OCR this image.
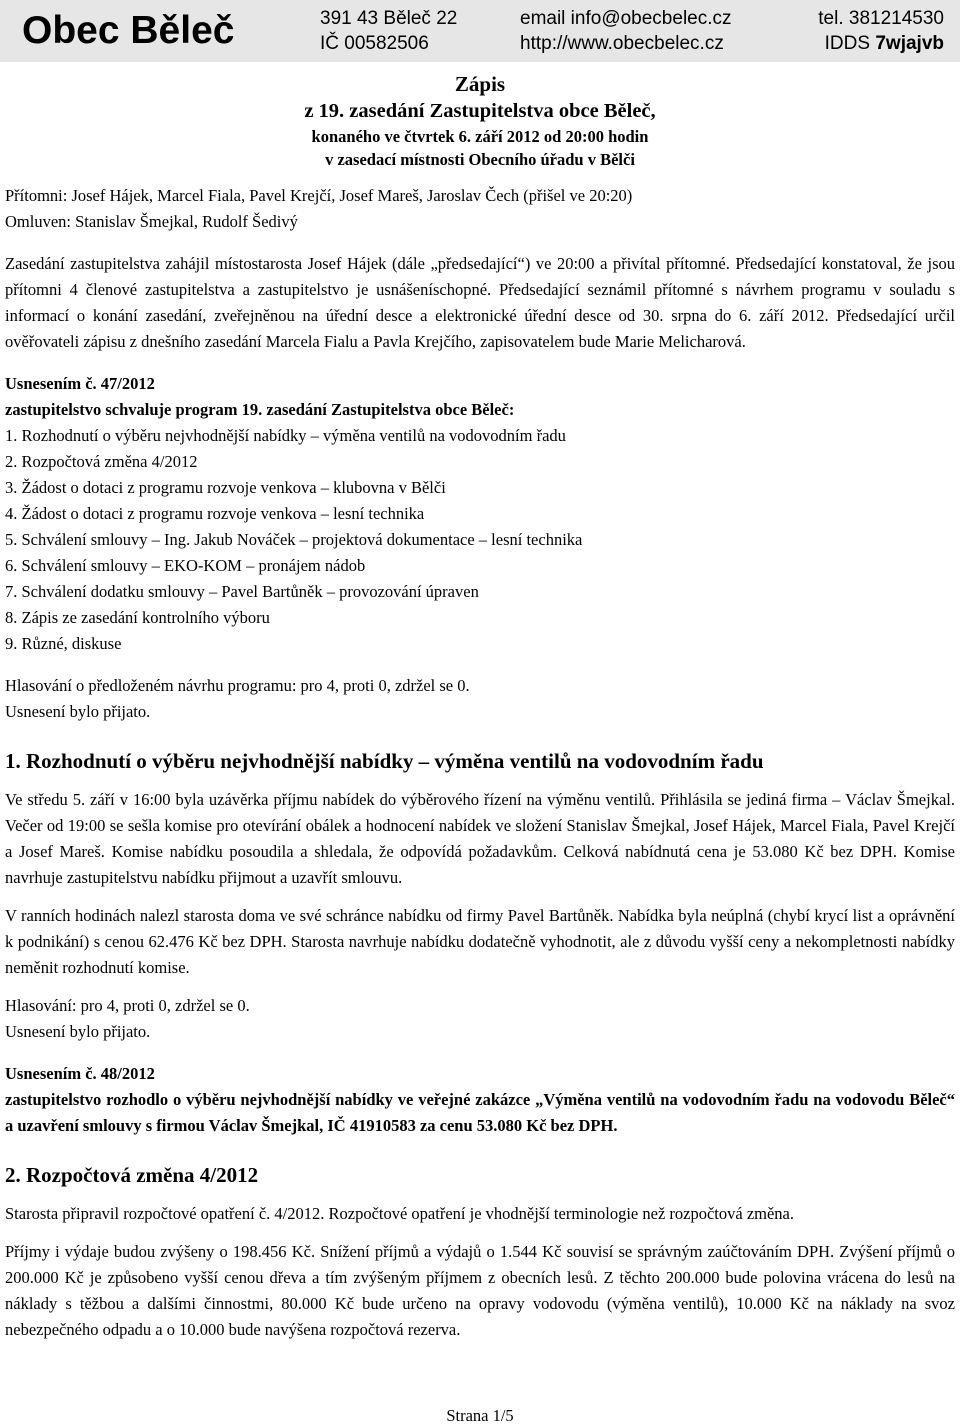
Obec Běleč	391 43 Běleč 22
IČ 00582506
email info@obecbelec.cz
http://www.obecbelec.cz
tel. 381214530
IDDS 7wjajvb
Zápis
z 19. zasedání Zastupitelstva obce Běleč,
konaného ve čtvrtek 6. září 2012 od 20:00 hodin
v zasedací místnosti Obecního úřadu v Bělči

Přítomni: Josef Hájek, Marcel Fiala, Pavel Krejčí, Josef Mareš, Jaroslav Čech (přišel ve 20:20)

Omluven: Stanislav Šmejkal, Rudolf Šedivý

Zasedání zastupitelstva zahájil místostarosta Josef Hájek (dále „předsedající“) ve 20:00 a přivítal přítomné. Předsedající konstatoval, že jsou přítomni 4 členové zastupitelstva a zastupitelstvo je usnášeníschopné. Předsedající seznámil přítomné s návrhem programu v souladu s informací o konání zasedání, zveřejněnou na úřední desce a elektronické úřední desce od 30. srpna do 6. září 2012. Předsedající určil ověřovateli zápisu z dnešního zasedání Marcela Fialu a Pavla Krejčího, zapisovatelem bude Marie Melicharová.

Usnesením č. 47/2012

zastupitelstvo schvaluje program 19. zasedání Zastupitelstva obce Běleč:

1. Rozhodnutí o výběru nejvhodnější nabídky – výměna ventilů na vodovodním řadu
2. Rozpočtová změna 4/2012
3. Žádost o dotaci z programu rozvoje venkova – klubovna v Bělči
4. Žádost o dotaci z programu rozvoje venkova – lesní technika
5. Schválení smlouvy – Ing. Jakub Nováček – projektová dokumentace – lesní technika
6. Schválení smlouvy – EKO-KOM – pronájem nádob
7. Schválení dodatku smlouvy – Pavel Bartůněk – provozování úpraven
8. Zápis ze zasedání kontrolního výboru
9. Různé, diskuse

Hlasování o předloženém návrhu programu: pro 4, proti 0, zdržel se 0.

Usnesení bylo přijato.

1. Rozhodnutí o výběru nejvhodnější nabídky – výměna ventilů na vodovodním řadu

Ve středu 5. září v 16:00 byla uzávěrka příjmu nabídek do výběrového řízení na výměnu ventilů. Přihlásila se jediná firma – Václav Šmejkal. Večer od 19:00 se sešla komise pro otevírání obálek a hodnocení nabídek ve složení Stanislav Šmejkal, Josef Hájek, Marcel Fiala, Pavel Krejčí a Josef Mareš. Komise nabídku posoudila a shledala, že odpovídá požadavkům. Celková nabídnutá cena je 53.080 Kč bez DPH. Komise navrhuje zastupitelstvu nabídku přijmout a uzavřít smlouvu.

V ranních hodinách nalezl starosta doma ve své schránce nabídku od firmy Pavel Bartůněk. Nabídka byla neúplná (chybí krycí list a oprávnění k podnikání) s cenou 62.476 Kč bez DPH. Starosta navrhuje nabídku dodatečně vyhodnotit, ale z důvodu vyšší ceny a nekompletnosti nabídky neměnit rozhodnutí komise.

Hlasování: pro 4, proti 0, zdržel se 0.

Usnesení bylo přijato.

Usnesením č. 48/2012

zastupitelstvo rozhodlo o výběru nejvhodnější nabídky ve veřejné zakázce „Výměna ventilů na vodovodním řadu na vodovodu Běleč“ a uzavření smlouvy s firmou Václav Šmejkal, IČ 41910583 za cenu 53.080 Kč bez DPH.

2. Rozpočtová změna 4/2012

Starosta připravil rozpočtové opatření č. 4/2012. Rozpočtové opatření je vhodnější terminologie než rozpočtová změna.

Příjmy i výdaje budou zvýšeny o 198.456 Kč. Snížení příjmů a výdajů o 1.544 Kč souvisí se správným zaúčtováním DPH. Zvýšení příjmů o 200.000 Kč je způsobeno vyšší cenou dřeva a tím zvýšeným příjmem z obecních lesů. Z těchto 200.000 bude polovina vrácena do lesů na náklady s těžbou a dalšími činnostmi, 80.000 Kč bude určeno na opravy vodovodu (výměna ventilů), 10.000 Kč na náklady na svoz nebezpečného odpadu a o 10.000 bude navýšena rozpočtová rezerva.

Strana 1/5
